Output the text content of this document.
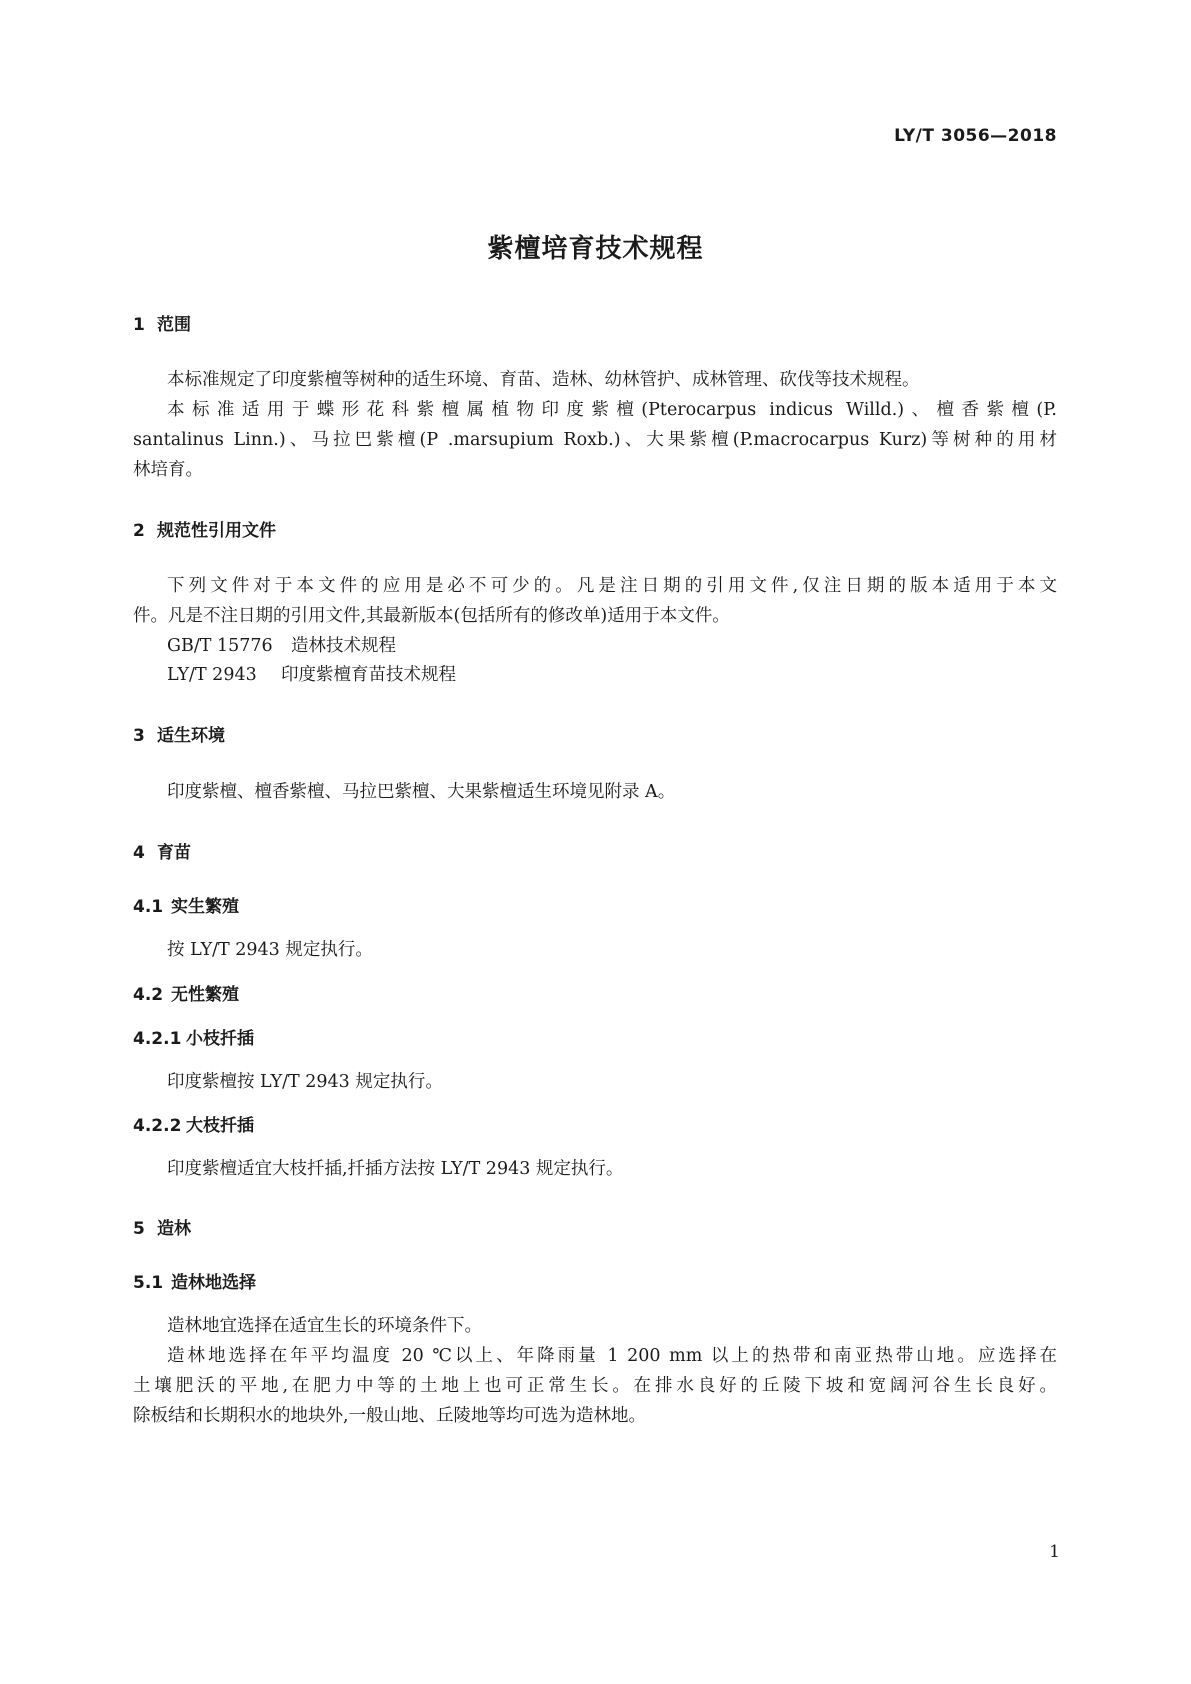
LY/T 3056—2018
紫檀培育技术规程
1 范围
本标准规定了印度紫檀等树种的适生环境、育苗、造林、幼林管护、成林管理、砍伐等技术规程。
本标准适用于蝶形花科紫檀属植物印度紫檀(Pterocarpus indicus Willd.)、檀香紫檀(P.
santalinus Linn.)、马拉巴紫檀(P .marsupium Roxb.)、大果紫檀(P.macrocarpus Kurz)等树种的用材
林培育。
2 规范性引用文件
下列文件对于本文件的应用是必不可少的。凡是注日期的引用文件,仅注日期的版本适用于本文
件。凡是不注日期的引用文件,其最新版本(包括所有的修改单)适用于本文件。
GB/T 15776 造林技术规程
LY/T 2943 印度紫檀育苗技术规程
3 适生环境
印度紫檀、檀香紫檀、马拉巴紫檀、大果紫檀适生环境见附录 A。
4 育苗
4.1 实生繁殖
按 LY/T 2943 规定执行。
4.2 无性繁殖
4.2.1 小枝扦插
印度紫檀按 LY/T 2943 规定执行。
4.2.2 大枝扦插
印度紫檀适宜大枝扦插,扦插方法按 LY/T 2943 规定执行。
5 造林
5.1 造林地选择
造林地宜选择在适宜生长的环境条件下。
造林地选择在年平均温度 20 ℃以上、年降雨量 1 200 mm 以上的热带和南亚热带山地。应选择在
土壤肥沃的平地,在肥力中等的土地上也可正常生长。在排水良好的丘陵下坡和宽阔河谷生长良好。
除板结和长期积水的地块外,一般山地、丘陵地等均可选为造林地。
1
